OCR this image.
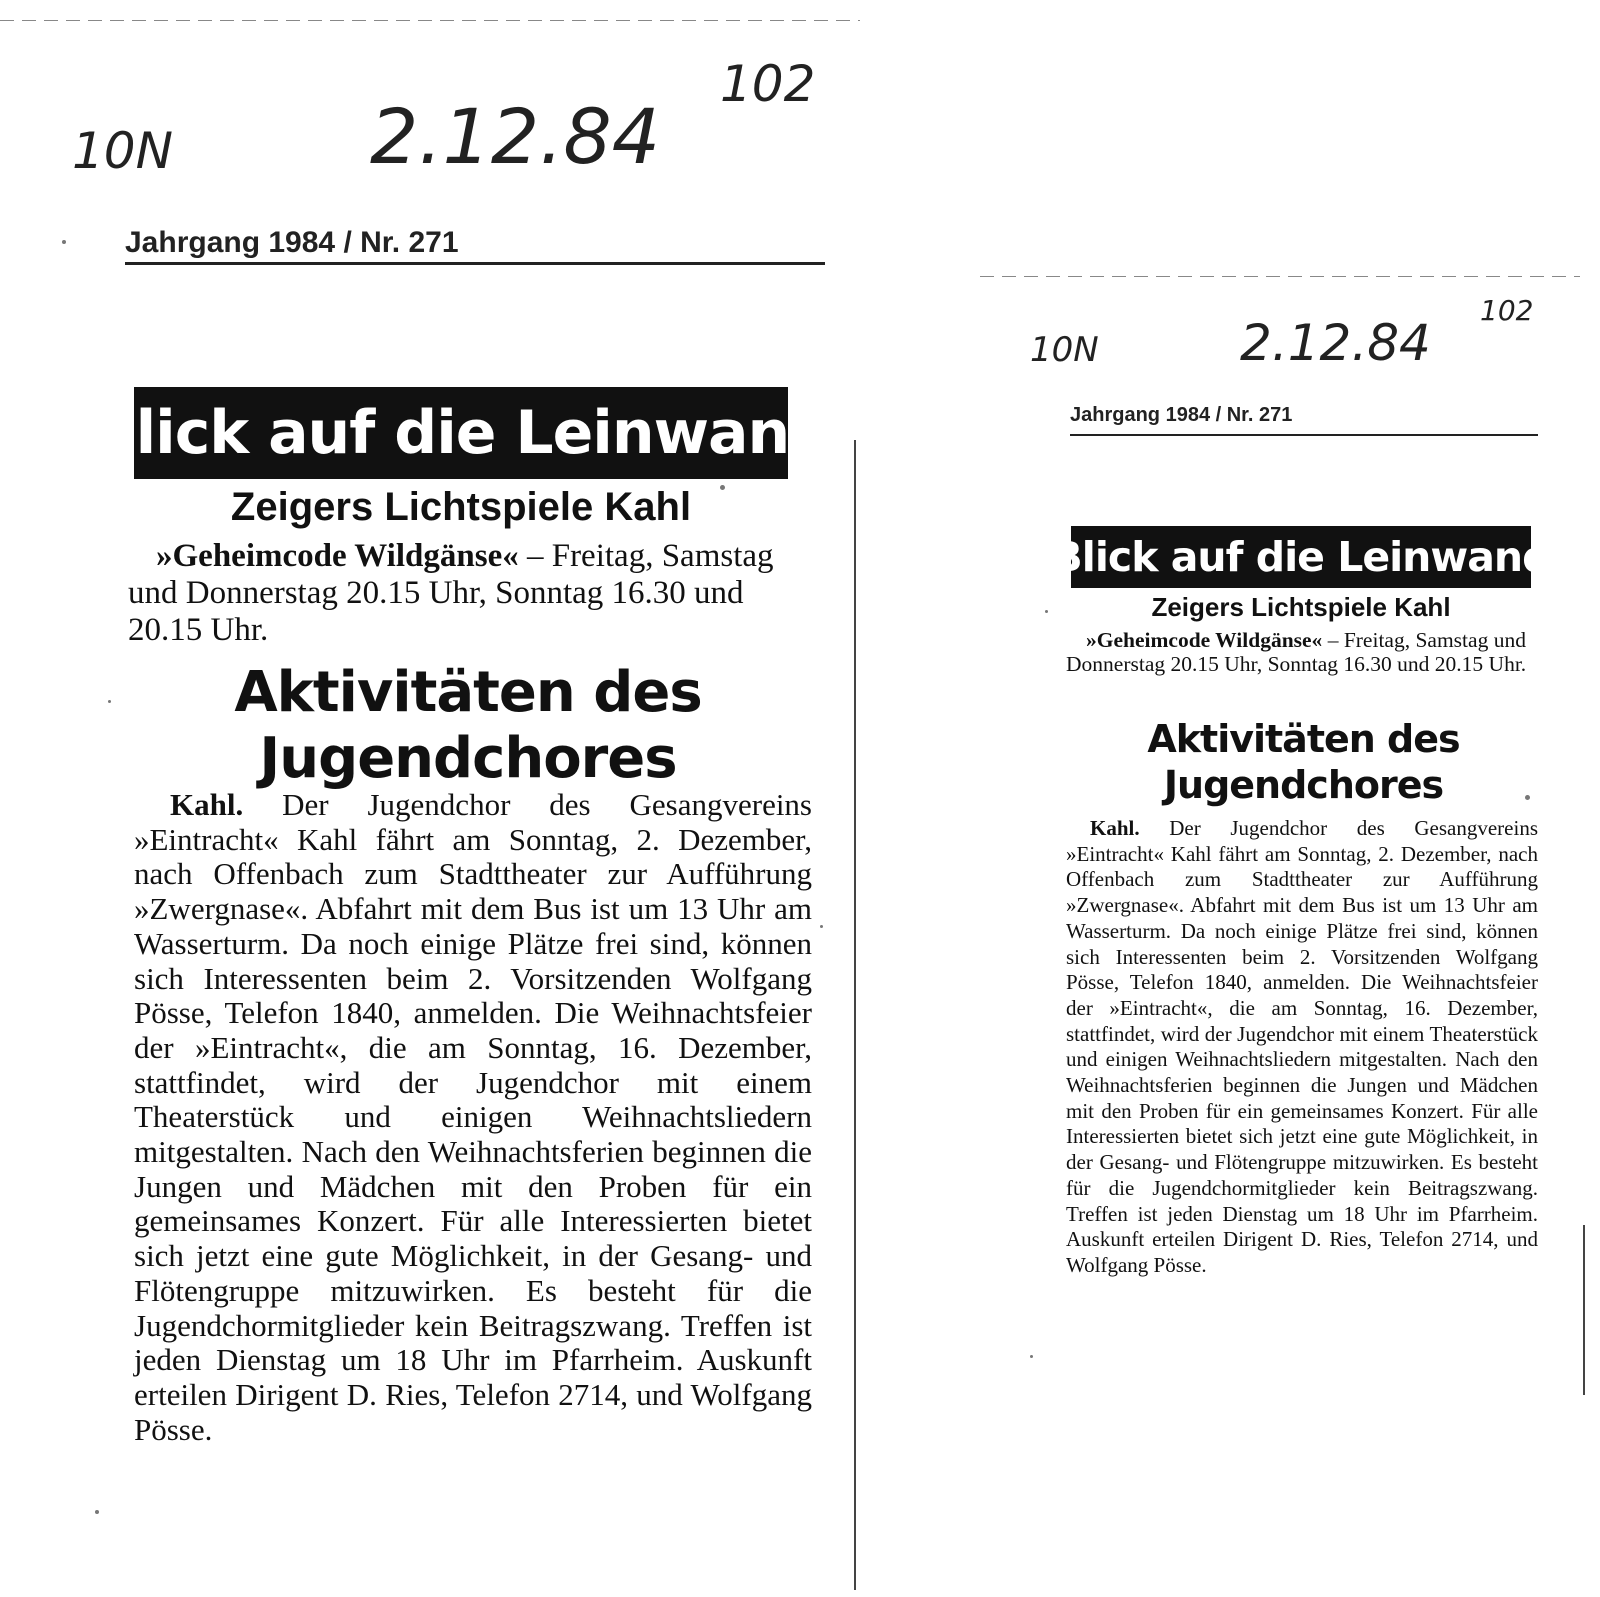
10N	2.12.84
102
Jahrgang 1984 / Nr. 271
Blick auf die Leinwand
Zeigers Lichtspiele Kahl
»Geheimcode Wildgänse« – Freitag, Samstag und Donnerstag 20.15 Uhr, Sonntag 16.30 und 20.15 Uhr.
Aktivitäten des
Jugendchores
Kahl. Der Jugendchor des Gesangvereins »Eintracht« Kahl fährt am Sonntag, 2. Dezember, nach Offenbach zum Stadttheater zur Aufführung »Zwergnase«. Abfahrt mit dem Bus ist um 13 Uhr am Wasserturm. Da noch einige Plätze frei sind, können sich Interessenten beim 2. Vorsitzenden Wolfgang Pösse, Telefon 1840, anmelden. Die Weihnachtsfeier der »Eintracht«, die am Sonntag, 16. Dezember, stattfindet, wird der Jugendchor mit einem Theaterstück und einigen Weihnachtsliedern mitgestalten. Nach den Weihnachtsferien beginnen die Jungen und Mädchen mit den Proben für ein gemeinsames Konzert. Für alle Interessierten bietet sich jetzt eine gute Möglichkeit, in der Gesang- und Flötengruppe mitzuwirken. Es besteht für die Jugendchormitglieder kein Beitragszwang. Treffen ist jeden Dienstag um 18 Uhr im Pfarrheim. Auskunft erteilen Dirigent D. Ries, Telefon 2714, und Wolfgang Pösse.
10N	2.12.84
102
Jahrgang 1984 / Nr. 271
Blick auf die Leinwand
Zeigers Lichtspiele Kahl
»Geheimcode Wildgänse« – Freitag, Samstag und Donnerstag 20.15 Uhr, Sonntag 16.30 und 20.15 Uhr.
Aktivitäten des
Jugendchores
Kahl. Der Jugendchor des Gesangvereins »Eintracht« Kahl fährt am Sonntag, 2. Dezember, nach Offenbach zum Stadttheater zur Aufführung »Zwergnase«. Abfahrt mit dem Bus ist um 13 Uhr am Wasserturm. Da noch einige Plätze frei sind, können sich Interessenten beim 2. Vorsitzenden Wolfgang Pösse, Telefon 1840, anmelden. Die Weihnachtsfeier der »Eintracht«, die am Sonntag, 16. Dezember, stattfindet, wird der Jugendchor mit einem Theaterstück und einigen Weihnachtsliedern mitgestalten. Nach den Weihnachtsferien beginnen die Jungen und Mädchen mit den Proben für ein gemeinsames Konzert. Für alle Interessierten bietet sich jetzt eine gute Möglichkeit, in der Gesang- und Flötengruppe mitzuwirken. Es besteht für die Jugendchormitglieder kein Beitragszwang. Treffen ist jeden Dienstag um 18 Uhr im Pfarrheim. Auskunft erteilen Dirigent D. Ries, Telefon 2714, und Wolfgang Pösse.
